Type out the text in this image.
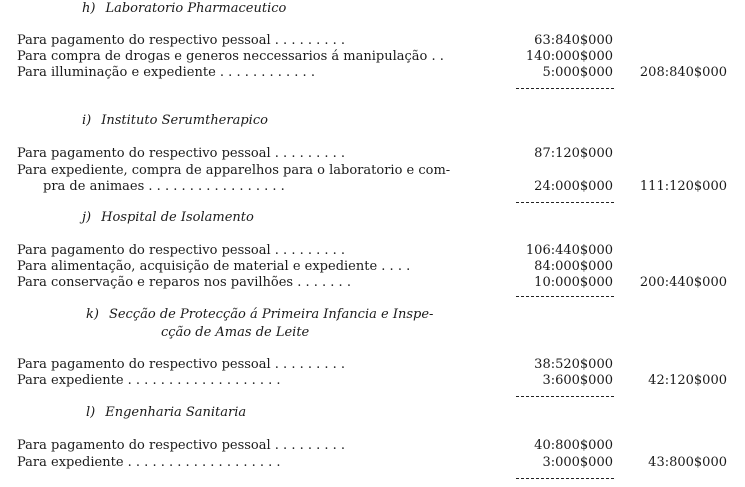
h) Laboratorio Pharmaceutico
Para pagamento do respectivo pessoal . . . . . . . . .	63:840$000
Para compra de drogas e generos neccessarios á manipulação . .	140:000$000
Para illuminação e expediente . . . . . . . . . . . .	5:000$000 208:840$000
i) Instituto Serumtherapico
Para pagamento do respectivo pessoal . . . . . . . . .	87:120$000
Para expediente, compra de apparelhos para o laboratorio e com-
pra de animaes . . . . . . . . . . . . . . . . .	24:000$000 111:120$000
j) Hospital de Isolamento
Para pagamento do respectivo pessoal . . . . . . . . .	106:440$000
Para alimentação, acquisição de material e expediente . . . .	84:000$000
Para conservação e reparos nos pavilhões . . . . . . .	10:000$000 200:440$000
k) Secção de Protecção á Primeira Infancia e Inspe-
cção de Amas de Leite
Para pagamento do respectivo pessoal . . . . . . . . .	38:520$000
Para expediente . . . . . . . . . . . . . . . . . . .	3:600$000	42:120$000
l) Engenharia Sanitaria
Para pagamento do respectivo pessoal . . . . . . . . .	40:800$000
Para expediente . . . . . . . . . . . . . . . . . . .	3:000$000	43:800$000
